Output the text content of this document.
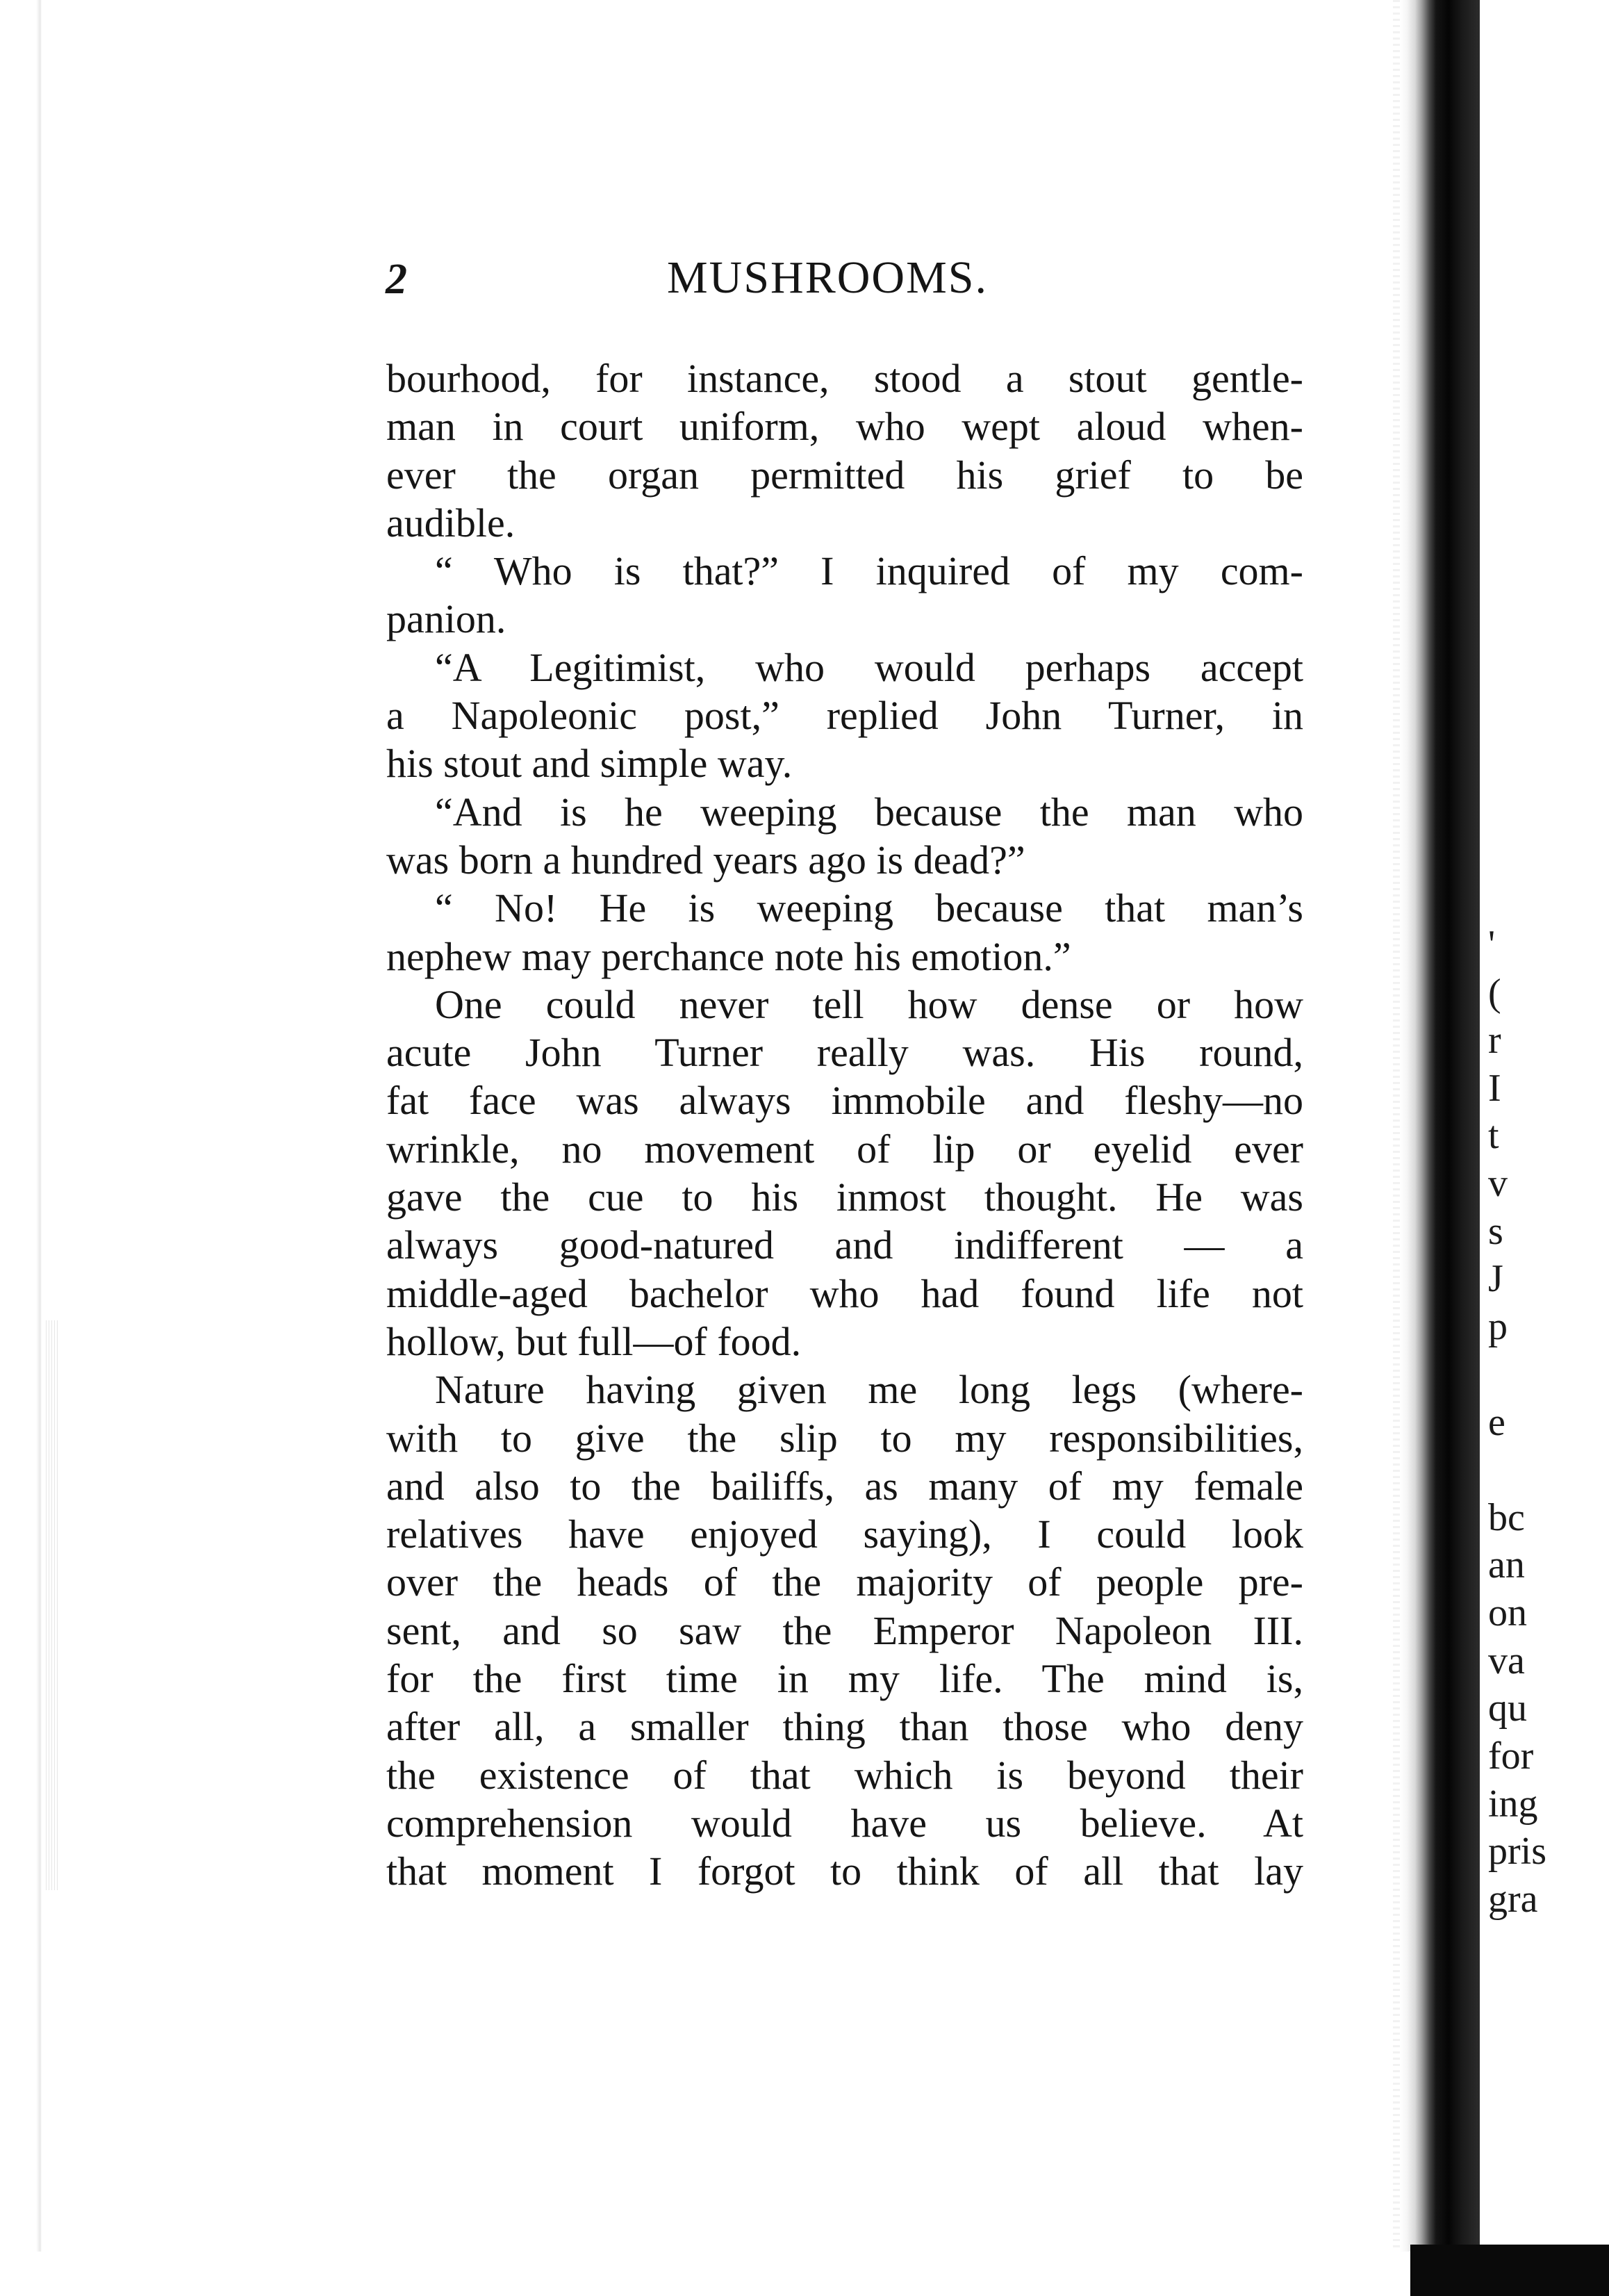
2	MUSHROOMS.
bourhood, for instance, stood a stout gentle-
man in court uniform, who wept aloud when-
ever the organ permitted his grief to be
audible.
“ Who is that?” I inquired of my com-
panion.
“A Legitimist, who would perhaps accept
a Napoleonic post,” replied John Turner, in
his stout and simple way.
“And is he weeping because the man who
was born a hundred years ago is dead?”
“ No! He is weeping because that man’s
nephew may perchance note his emotion.”
One could never tell how dense or how
acute John Turner really was. His round,
fat face was always immobile and fleshy—no
wrinkle, no movement of lip or eyelid ever
gave the cue to his inmost thought. He was
always good-natured and indifferent — a
middle-aged bachelor who had found life not
hollow, but full—of food.
Nature having given me long legs (where-
with to give the slip to my responsibilities,
and also to the bailiffs, as many of my female
relatives have enjoyed saying), I could look
over the heads of the majority of people pre-
sent, and so saw the Emperor Napoleon III.
for the first time in my life. The mind is,
after all, a smaller thing than those who deny
the existence of that which is beyond their
comprehension would have us believe. At
that moment I forgot to think of all that lay
'
(
r
I
t
v
s
J
p
e
bc
an
on
va
qu
for
ing
pris
gra
